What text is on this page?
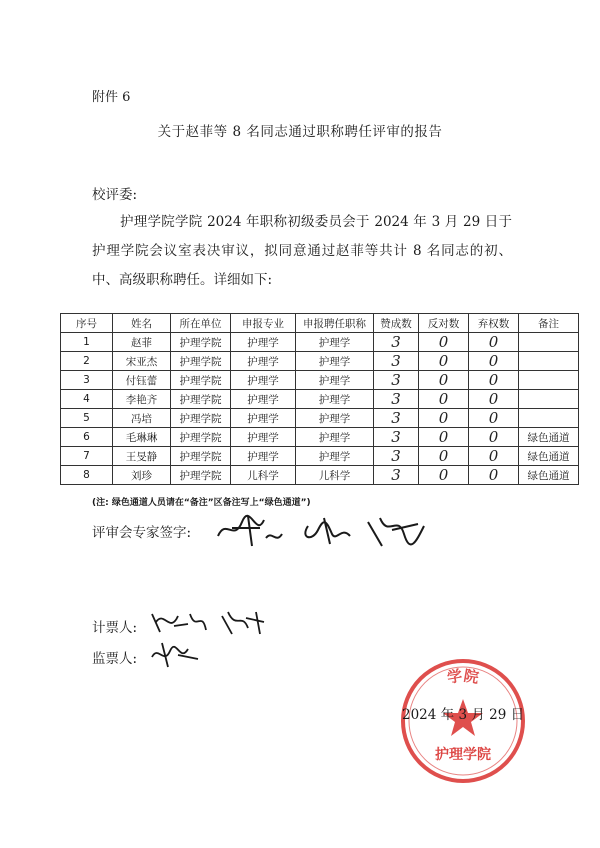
附件 6
关于赵菲等 8 名同志通过职称聘任评审的报告
校评委:
护理学院学院 2024 年职称初级委员会于 2024 年 3 月 29 日于护理学院会议室表决审议，拟同意通过赵菲等共计 8 名同志的初、中、高级职称聘任。详细如下:
序号	姓名	所在单位	申报专业	申报聘任职称	赞成数	反对数	弃权数	备注
1	赵菲	护理学院	护理学	护理学	3	0	0	
2	宋亚杰	护理学院	护理学	护理学	3	0	0	
3	付钰蕾	护理学院	护理学	护理学	3	0	0	
4	李艳齐	护理学院	护理学	护理学	3	0	0	
5	冯培	护理学院	护理学	护理学	3	0	0	
6	毛琳琳	护理学院	护理学	护理学	3	0	0	绿色通道
7	王旻静	护理学院	护理学	护理学	3	0	0	绿色通道
8	刘珍	护理学院	儿科学	儿科学	3	0	0	绿色通道
(注: 绿色通道人员请在“备注”区备注写上“绿色通道”)
评审会专家签字:
计票人:
监票人:
学院
护理学院
2024 年 3 月 29 日
